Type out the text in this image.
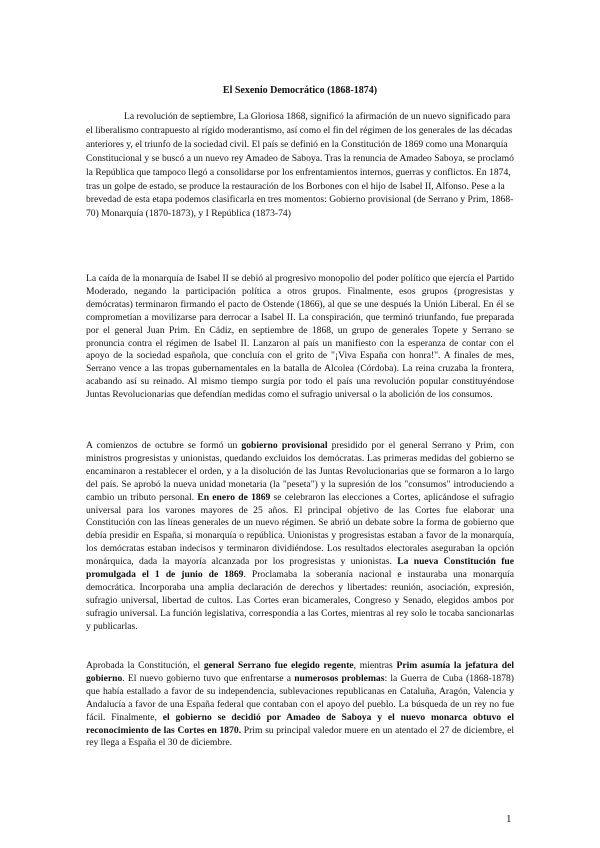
El Sexenio Democrático (1868-1874)

La revolución de septiembre, La Gloriosa 1868, significó la afirmación de un nuevo significado para el liberalismo contrapuesto al rígido moderantismo, así como el fin del régimen de los generales de las décadas anteriores y, el triunfo de la sociedad civil. El país se definió en la Constitución de 1869 como una Monarquía Constitucional y se buscó a un nuevo rey Amadeo de Saboya. Tras la renuncia de Amadeo Saboya, se proclamó la República que tampoco llegó a consolidarse por los enfrentamientos internos, guerras y conflictos. En 1874, tras un golpe de estado, se produce la restauración de los Borbones con el hijo de Isabel II, Alfonso. Pese a la brevedad de esta etapa podemos clasificarla en tres momentos: Gobierno provisional (de Serrano y Prim, 1868-70) Monarquía (1870-1873), y I República (1873-74)

La caída de la monarquía de Isabel II se debió al progresivo monopolio del poder político que ejercía el Partido Moderado, negando la participación política a otros grupos. Finalmente, esos grupos (progresistas y demócratas) terminaron firmando el pacto de Ostende (1866), al que se une después la Unión Liberal. En él se comprometían a movilizarse para derrocar a Isabel II. La conspiración, que terminó triunfando, fue preparada por el general Juan Prim. En Cádiz, en septiembre de 1868, un grupo de generales Topete y Serrano se pronuncia contra el régimen de Isabel II. Lanzaron al país un manifiesto con la esperanza de contar con el apoyo de la sociedad española, que concluía con el grito de "¡Viva España con honra!". A finales de mes, Serrano vence a las tropas gubernamentales en la batalla de Alcolea (Córdoba). La reina cruzaba la frontera, acabando así su reinado. Al mismo tiempo surgía por todo el país una revolución popular constituyéndose Juntas Revolucionarias que defendían medidas como el sufragio universal o la abolición de los consumos.

A comienzos de octubre se formó un gobierno provisional presidido por el general Serrano y Prim, con ministros progresistas y unionistas, quedando excluidos los demócratas. Las primeras medidas del gobierno se encaminaron a restablecer el orden, y a la disolución de las Juntas Revolucionarias que se formaron a lo largo del país. Se aprobó la nueva unidad monetaria (la "peseta") y la supresión de los "consumos" introduciendo a cambio un tributo personal. En enero de 1869 se celebraron las elecciones a Cortes, aplicándose el sufragio universal para los varones mayores de 25 años. El principal objetivo de las Cortes fue elaborar una Constitución con las líneas generales de un nuevo régimen. Se abrió un debate sobre la forma de gobierno que debía presidir en España, si monarquía o república. Unionistas y progresistas estaban a favor de la monarquía, los demócratas estaban indecisos y terminaron dividiéndose. Los resultados electorales aseguraban la opción monárquica, dada la mayoría alcanzada por los progresistas y unionistas. La nueva Constitución fue promulgada el 1 de junio de 1869. Proclamaba la soberanía nacional e instauraba una monarquía democrática. Incorporaba una amplia declaración de derechos y libertades: reunión, asociación, expresión, sufragio universal, libertad de cultos. Las Cortes eran bicamerales, Congreso y Senado, elegidos ambos por sufragio universal. La función legislativa, correspondía a las Cortes, mientras al rey solo le tocaba sancionarlas y publicarlas.

Aprobada la Constitución, el general Serrano fue elegido regente, mientras Prim asumía la jefatura del gobierno. El nuevo gobierno tuvo que enfrentarse a numerosos problemas: la Guerra de Cuba (1868-1878) que había estallado a favor de su independencia, sublevaciones republicanas en Cataluña, Aragón, Valencia y Andalucía a favor de una España federal que contaban con el apoyo del pueblo. La búsqueda de un rey no fue fácil. Finalmente, el gobierno se decidió por Amadeo de Saboya y el nuevo monarca obtuvo el reconocimiento de las Cortes en 1870. Prim su principal valedor muere en un atentado el 27 de diciembre, el rey llega a España el 30 de diciembre.

1
